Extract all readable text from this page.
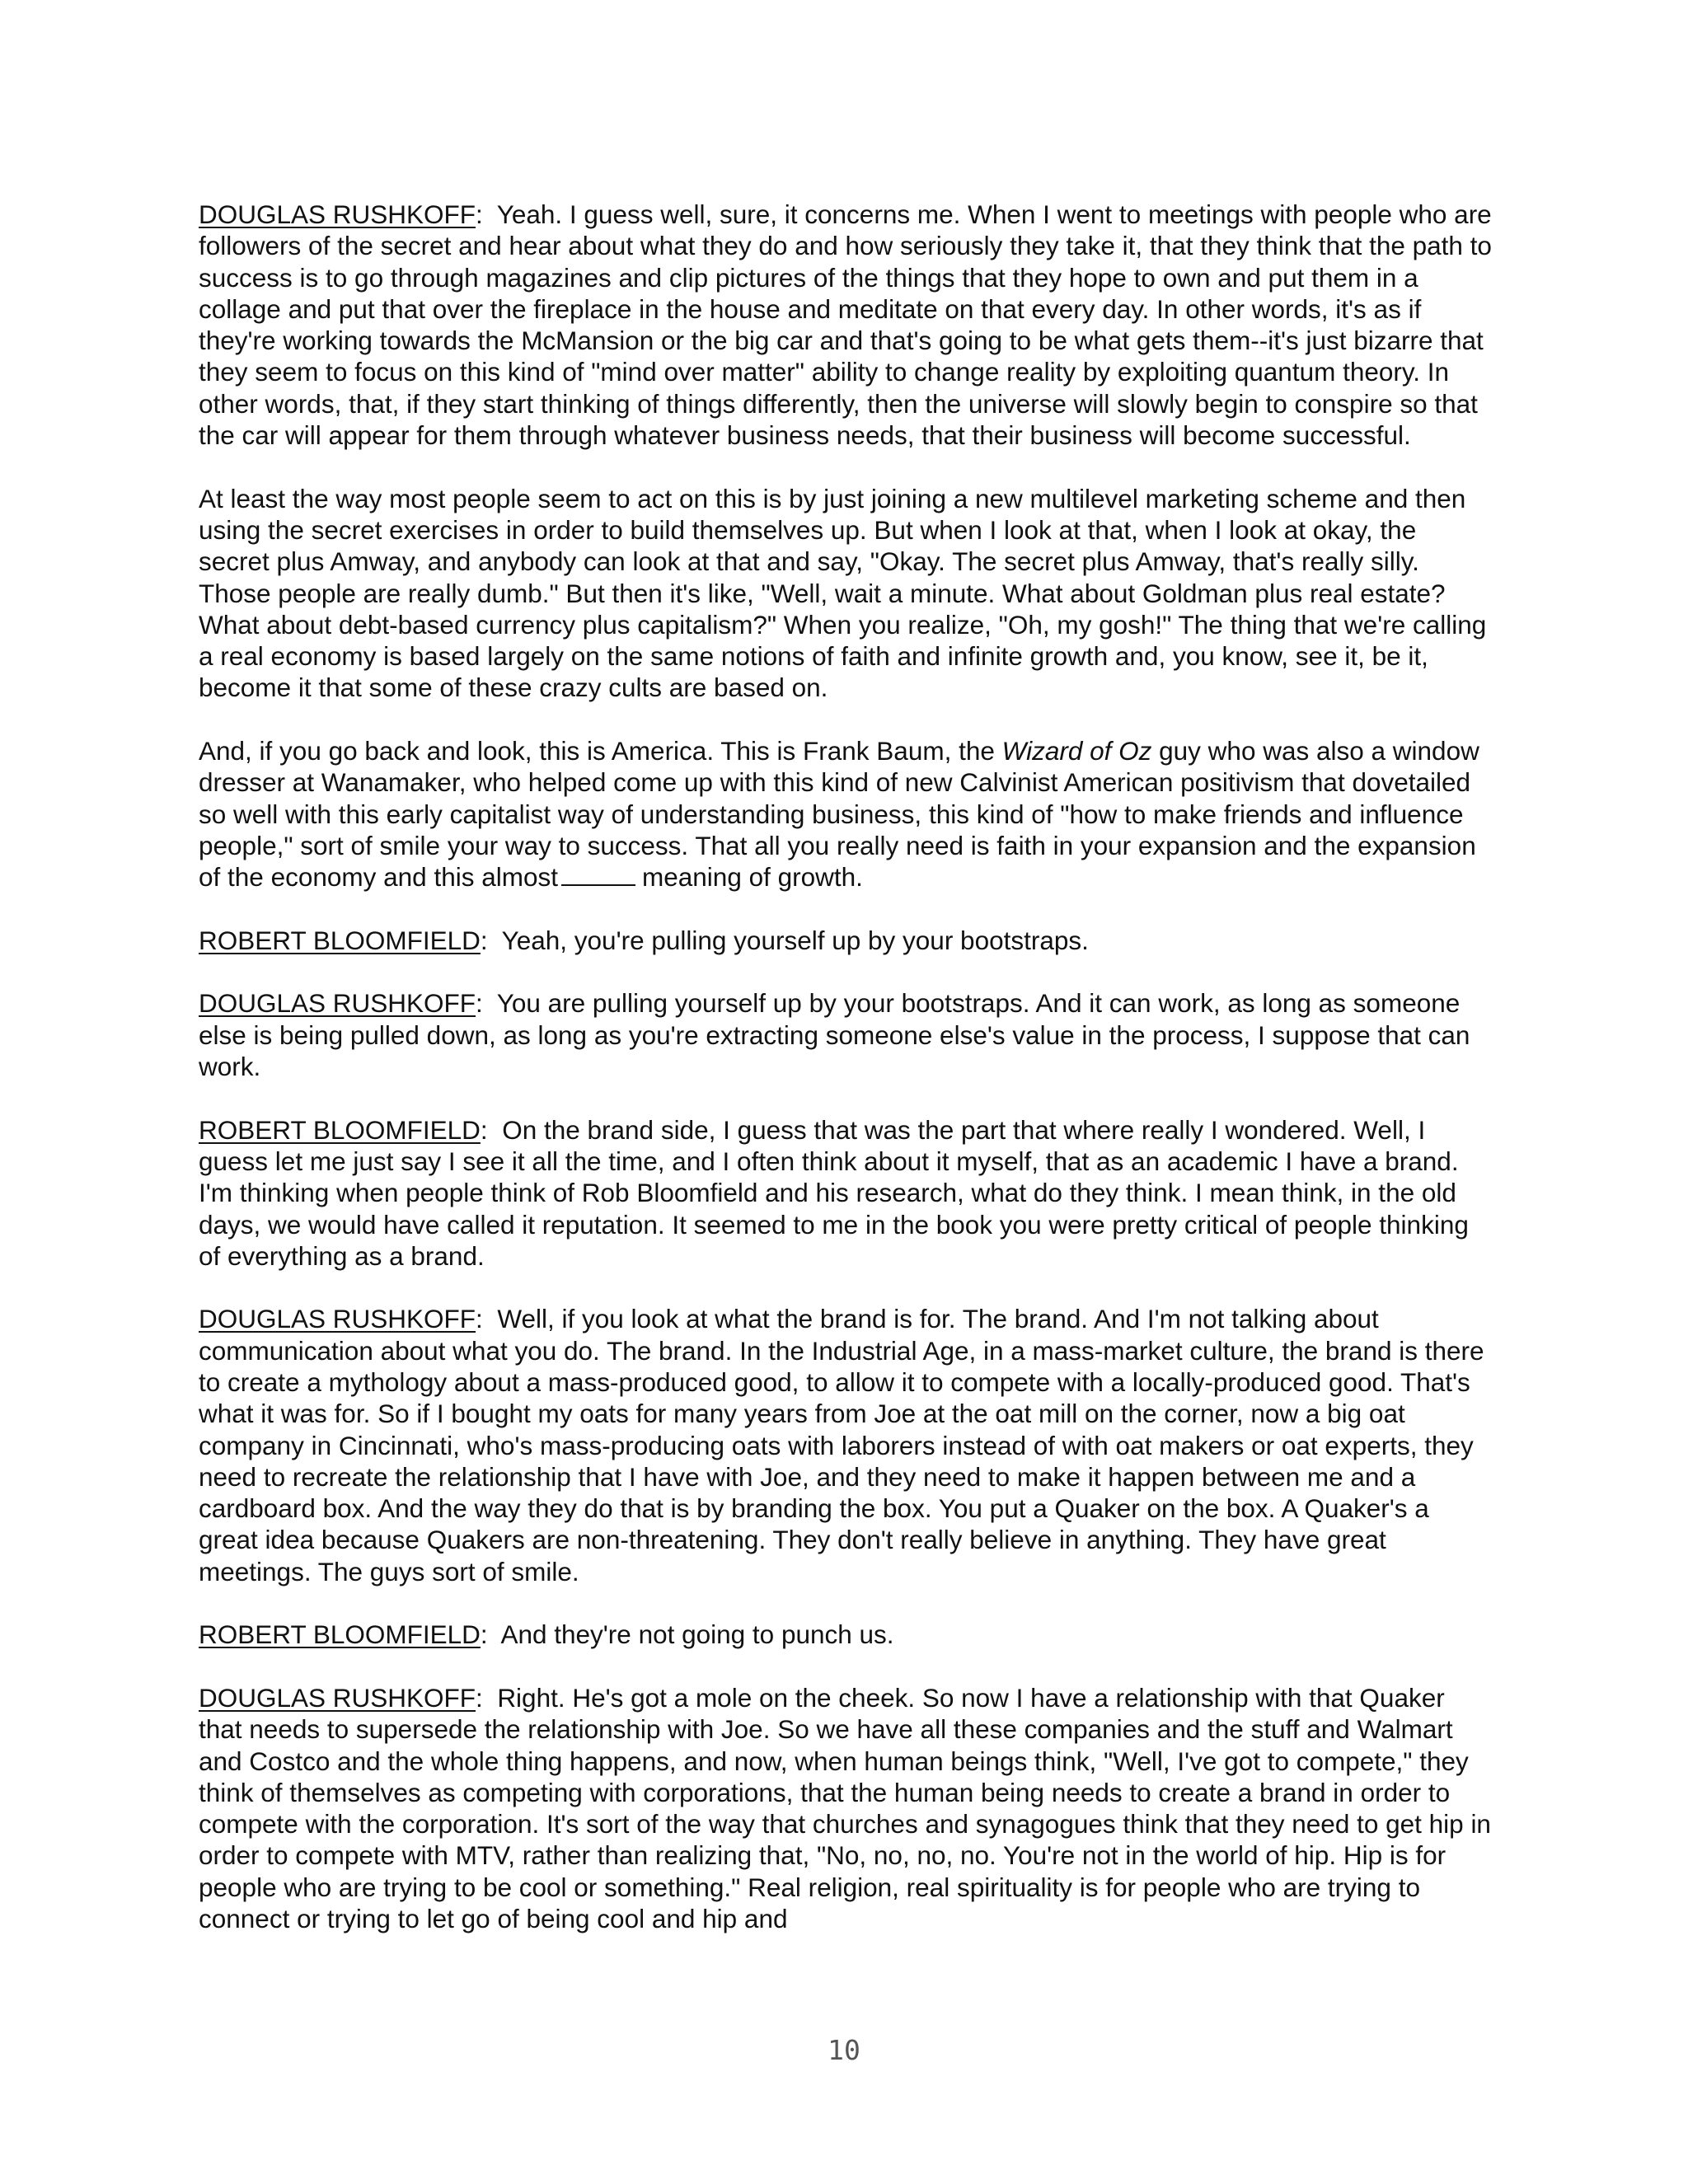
DOUGLAS RUSHKOFF:  Yeah. I guess well, sure, it concerns me. When I went to meetings with people who are followers of the secret and hear about what they do and how seriously they take it, that they think that the path to success is to go through magazines and clip pictures of the things that they hope to own and put them in a collage and put that over the fireplace in the house and meditate on that every day. In other words, it's as if they're working towards the McMansion or the big car and that's going to be what gets them--it's just bizarre that they seem to focus on this kind of "mind over matter" ability to change reality by exploiting quantum theory. In other words, that, if they start thinking of things differently, then the universe will slowly begin to conspire so that the car will appear for them through whatever business needs, that their business will become successful.

At least the way most people seem to act on this is by just joining a new multilevel marketing scheme and then using the secret exercises in order to build themselves up. But when I look at that, when I look at okay, the secret plus Amway, and anybody can look at that and say, "Okay. The secret plus Amway, that's really silly. Those people are really dumb." But then it's like, "Well, wait a minute. What about Goldman plus real estate? What about debt-based currency plus capitalism?" When you realize, "Oh, my gosh!" The thing that we're calling a real economy is based largely on the same notions of faith and infinite growth and, you know, see it, be it, become it that some of these crazy cults are based on.

And, if you go back and look, this is America. This is Frank Baum, the Wizard of Oz guy who was also a window dresser at Wanamaker, who helped come up with this kind of new Calvinist American positivism that dovetailed so well with this early capitalist way of understanding business, this kind of "how to make friends and influence people," sort of smile your way to success. That all you really need is faith in your expansion and the expansion of the economy and this almost	meaning of growth.

ROBERT BLOOMFIELD:  Yeah, you're pulling yourself up by your bootstraps.

DOUGLAS RUSHKOFF:  You are pulling yourself up by your bootstraps. And it can work, as long as someone else is being pulled down, as long as you're extracting someone else's value in the process, I suppose that can work.

ROBERT BLOOMFIELD:  On the brand side, I guess that was the part that where really I wondered. Well, I guess let me just say I see it all the time, and I often think about it myself, that as an academic I have a brand. I'm thinking when people think of Rob Bloomfield and his research, what do they think. I mean think, in the old days, we would have called it reputation. It seemed to me in the book you were pretty critical of people thinking of everything as a brand.

DOUGLAS RUSHKOFF:  Well, if you look at what the brand is for. The brand. And I'm not talking about communication about what you do. The brand. In the Industrial Age, in a mass-market culture, the brand is there to create a mythology about a mass-produced good, to allow it to compete with a locally-produced good. That's what it was for. So if I bought my oats for many years from Joe at the oat mill on the corner, now a big oat company in Cincinnati, who's mass-producing oats with laborers instead of with oat makers or oat experts, they need to recreate the relationship that I have with Joe, and they need to make it happen between me and a cardboard box. And the way they do that is by branding the box. You put a Quaker on the box. A Quaker's a great idea because Quakers are non-threatening. They don't really believe in anything. They have great meetings. The guys sort of smile.

ROBERT BLOOMFIELD:  And they're not going to punch us.

DOUGLAS RUSHKOFF:  Right. He's got a mole on the cheek. So now I have a relationship with that Quaker that needs to supersede the relationship with Joe. So we have all these companies and the stuff and Walmart and Costco and the whole thing happens, and now, when human beings think, "Well, I've got to compete," they think of themselves as competing with corporations, that the human being needs to create a brand in order to compete with the corporation. It's sort of the way that churches and synagogues think that they need to get hip in order to compete with MTV, rather than realizing that, "No, no, no, no. You're not in the world of hip. Hip is for people who are trying to be cool or something." Real religion, real spirituality is for people who are trying to connect or trying to let go of being cool and hip and

10
